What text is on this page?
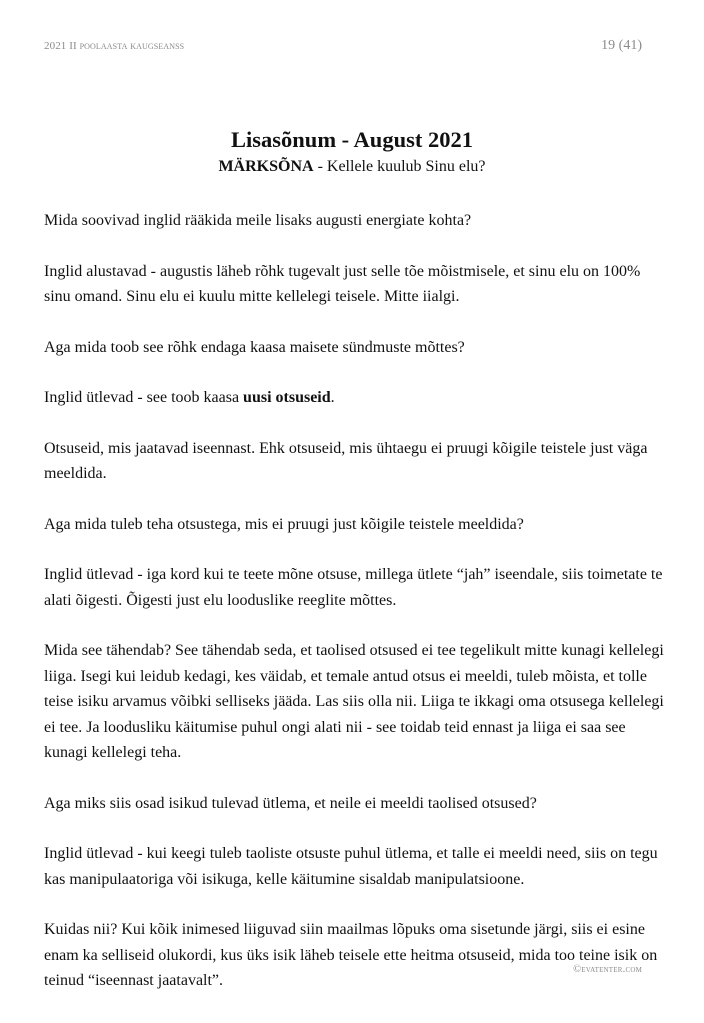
2021 II poolaasta kaugseanss	19 (41)
Lisasõnum - August 2021

MÄRKSÕNA - Kellele kuulub Sinu elu?

Mida soovivad inglid rääkida meile lisaks augusti energiate kohta?

Inglid alustavad - augustis läheb rõhk tugevalt just selle tõe mõistmisele, et sinu elu on 100% sinu omand. Sinu elu ei kuulu mitte kellelegi teisele. Mitte iialgi.

Aga mida toob see rõhk endaga kaasa maisete sündmuste mõttes?

Inglid ütlevad - see toob kaasa uusi otsuseid.

Otsuseid, mis jaatavad iseennast. Ehk otsuseid, mis ühtaegu ei pruugi kõigile teistele just väga meeldida.

Aga mida tuleb teha otsustega, mis ei pruugi just kõigile teistele meeldida?

Inglid ütlevad - iga kord kui te teete mõne otsuse, millega ütlete “jah” iseendale, siis toimetate te alati õigesti. Õigesti just elu looduslike reeglite mõttes.

Mida see tähendab? See tähendab seda, et taolised otsused ei tee tegelikult mitte kunagi kellelegi liiga. Isegi kui leidub kedagi, kes väidab, et temale antud otsus ei meeldi, tuleb mõista, et tolle teise isiku arvamus võibki selliseks jääda. Las siis olla nii. Liiga te ikkagi oma otsusega kellelegi ei tee. Ja loodusliku käitumise puhul ongi alati nii - see toidab teid ennast ja liiga ei saa see kunagi kellelegi teha.

Aga miks siis osad isikud tulevad ütlema, et neile ei meeldi taolised otsused?

Inglid ütlevad - kui keegi tuleb taoliste otsuste puhul ütlema, et talle ei meeldi need, siis on tegu kas manipulaatoriga või isikuga, kelle käitumine sisaldab manipulatsioone.

Kuidas nii? Kui kõik inimesed liiguvad siin maailmas lõpuks oma sisetunde järgi, siis ei esine enam ka selliseid olukordi, kus üks isik läheb teisele ette heitma otsuseid, mida too teine isik on teinud “iseennast jaatavalt”.

©evatenter.com
